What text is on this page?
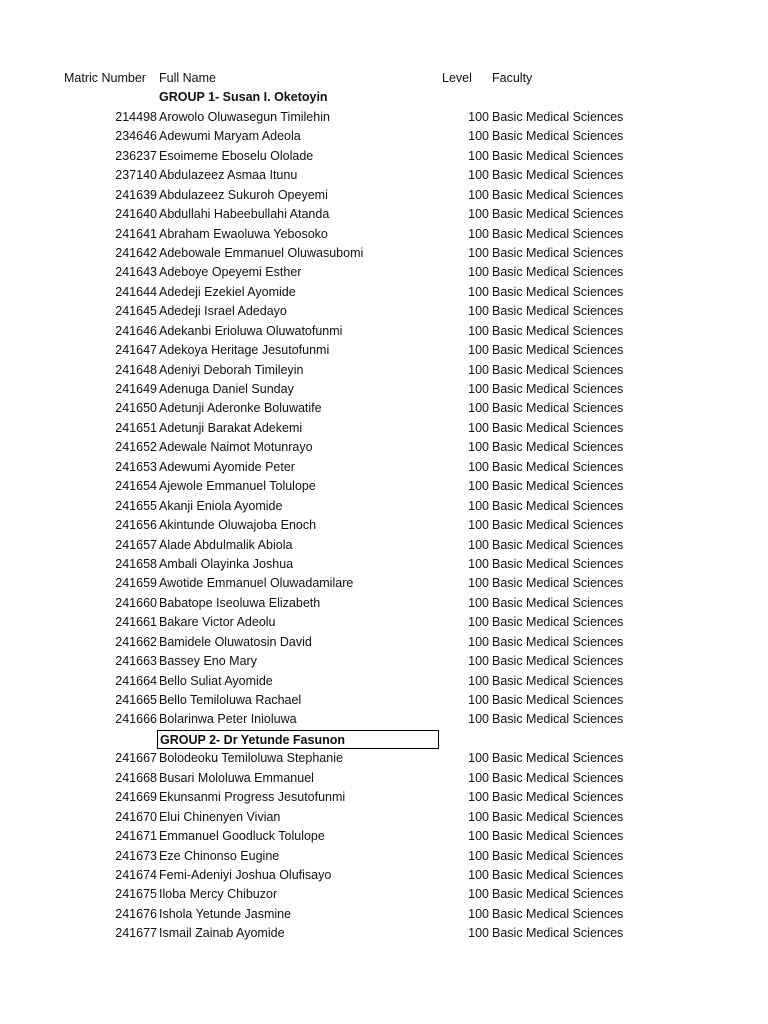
Matric Number Full Name	Level Faculty
GROUP 1- Susan I. Oketoyin
214498 Arowolo Oluwasegun Timilehin	100 Basic Medical Sciences
234646 Adewumi Maryam Adeola	100 Basic Medical Sciences
236237 Esoimeme Eboselu Ololade	100 Basic Medical Sciences
237140 Abdulazeez Asmaa Itunu	100 Basic Medical Sciences
241639 Abdulazeez Sukuroh Opeyemi	100 Basic Medical Sciences
241640 Abdullahi Habeebullahi Atanda	100 Basic Medical Sciences
241641 Abraham Ewaoluwa Yebosoko	100 Basic Medical Sciences
241642 Adebowale Emmanuel Oluwasubomi	100 Basic Medical Sciences
241643 Adeboye Opeyemi Esther	100 Basic Medical Sciences
241644 Adedeji Ezekiel Ayomide	100 Basic Medical Sciences
241645 Adedeji Israel Adedayo	100 Basic Medical Sciences
241646 Adekanbi Erioluwa Oluwatofunmi	100 Basic Medical Sciences
241647 Adekoya Heritage Jesutofunmi	100 Basic Medical Sciences
241648 Adeniyi Deborah Timileyin	100 Basic Medical Sciences
241649 Adenuga Daniel Sunday	100 Basic Medical Sciences
241650 Adetunji Aderonke Boluwatife	100 Basic Medical Sciences
241651 Adetunji Barakat Adekemi	100 Basic Medical Sciences
241652 Adewale Naimot Motunrayo	100 Basic Medical Sciences
241653 Adewumi Ayomide Peter	100 Basic Medical Sciences
241654 Ajewole Emmanuel Tolulope	100 Basic Medical Sciences
241655 Akanji Eniola Ayomide	100 Basic Medical Sciences
241656 Akintunde Oluwajoba Enoch	100 Basic Medical Sciences
241657 Alade Abdulmalik Abiola	100 Basic Medical Sciences
241658 Ambali Olayinka Joshua	100 Basic Medical Sciences
241659 Awotide Emmanuel Oluwadamilare	100 Basic Medical Sciences
241660 Babatope Iseoluwa Elizabeth	100 Basic Medical Sciences
241661 Bakare Victor Adeolu	100 Basic Medical Sciences
241662 Bamidele Oluwatosin David	100 Basic Medical Sciences
241663 Bassey Eno Mary	100 Basic Medical Sciences
241664 Bello Suliat Ayomide	100 Basic Medical Sciences
241665 Bello Temiloluwa Rachael	100 Basic Medical Sciences
241666 Bolarinwa Peter Inioluwa	100 Basic Medical Sciences
GROUP 2- Dr Yetunde Fasunon
241667 Bolodeoku Temiloluwa Stephanie	100 Basic Medical Sciences
241668 Busari Mololuwa Emmanuel	100 Basic Medical Sciences
241669 Ekunsanmi Progress Jesutofunmi	100 Basic Medical Sciences
241670 Elui Chinenyen Vivian	100 Basic Medical Sciences
241671 Emmanuel Goodluck Tolulope	100 Basic Medical Sciences
241673 Eze Chinonso Eugine	100 Basic Medical Sciences
241674 Femi-Adeniyi Joshua Olufisayo	100 Basic Medical Sciences
241675 Iloba Mercy Chibuzor	100 Basic Medical Sciences
241676 Ishola Yetunde Jasmine	100 Basic Medical Sciences
241677 Ismail Zainab Ayomide	100 Basic Medical Sciences
